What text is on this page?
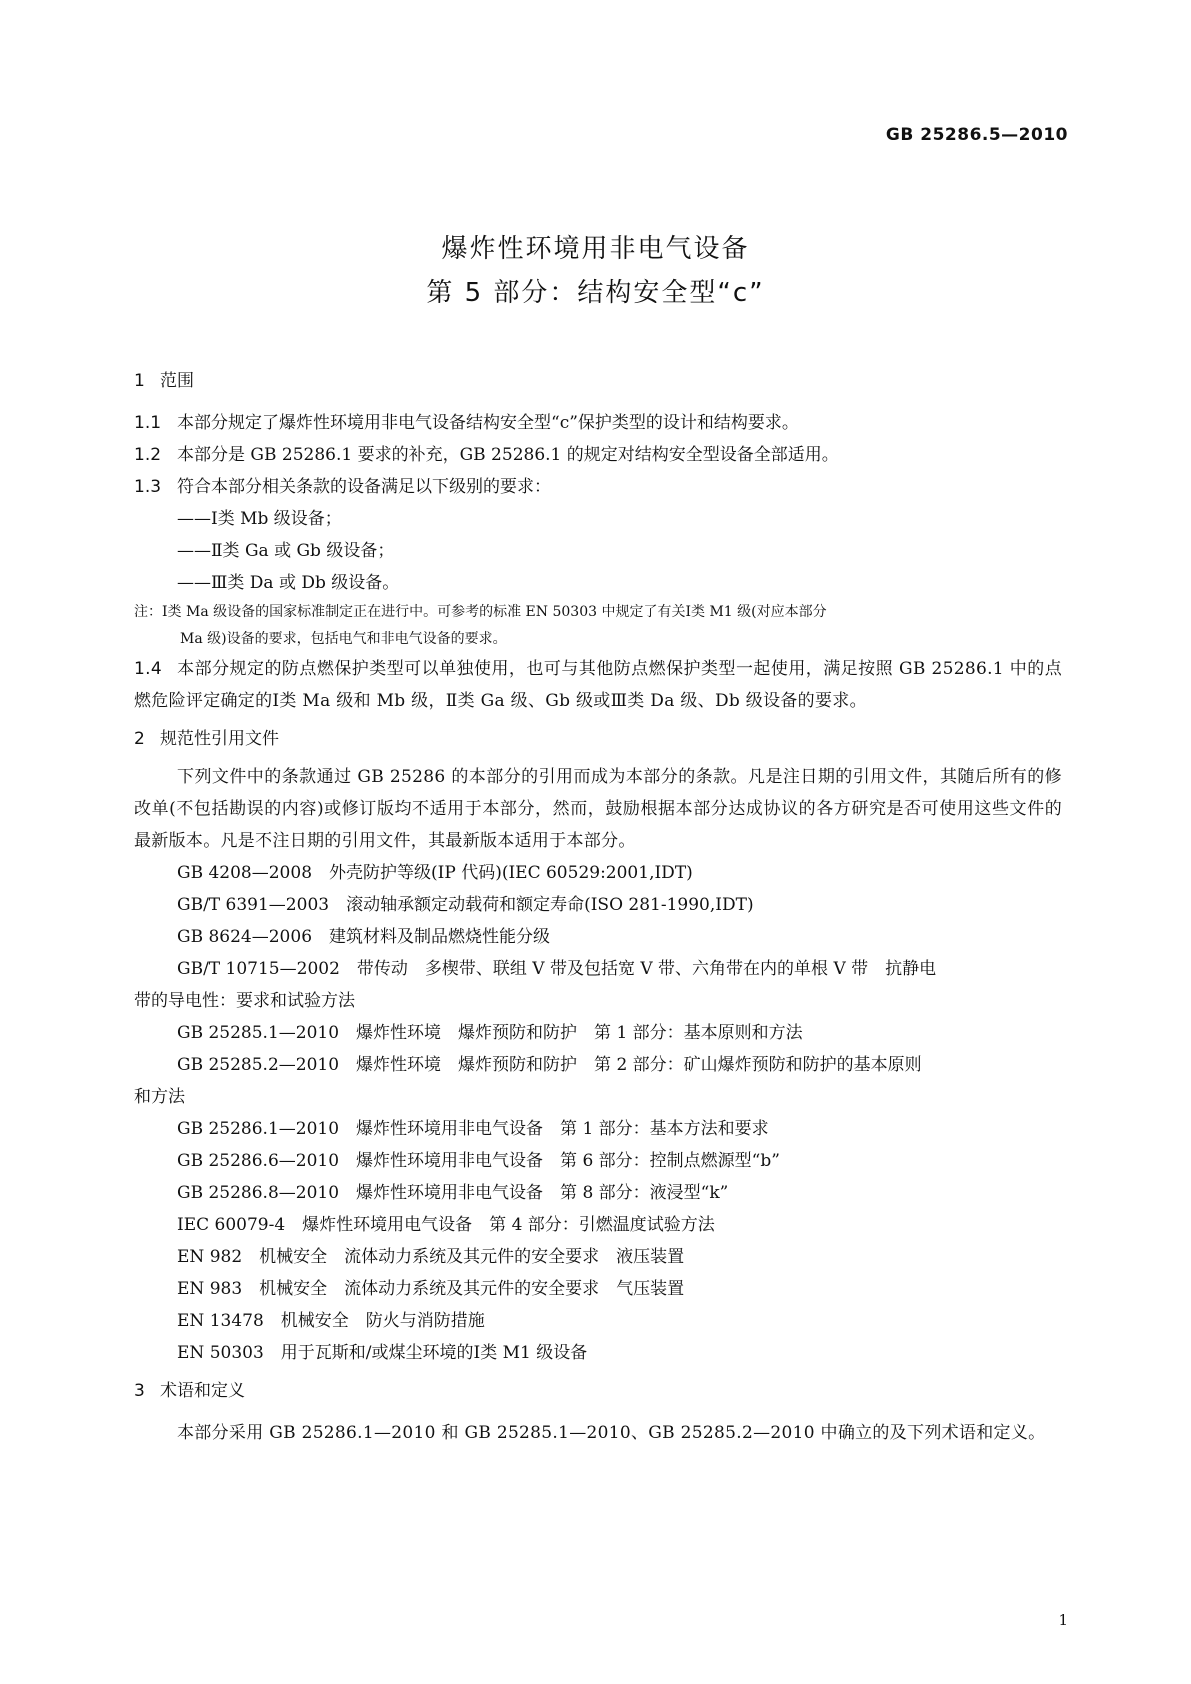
GB 25286.5—2010
爆炸性环境用非电气设备
第 5 部分：结构安全型“c”
1 范围
1.1 本部分规定了爆炸性环境用非电气设备结构安全型“c”保护类型的设计和结构要求。
1.2 本部分是 GB 25286.1 要求的补充，GB 25286.1 的规定对结构安全型设备全部适用。
1.3 符合本部分相关条款的设备满足以下级别的要求：
——Ⅰ类 Mb 级设备；
——Ⅱ类 Ga 或 Gb 级设备；
——Ⅲ类 Da 或 Db 级设备。
注：Ⅰ类 Ma 级设备的国家标准制定正在进行中。可参考的标准 EN 50303 中规定了有关Ⅰ类 M1 级(对应本部分
Ma 级)设备的要求，包括电气和非电气设备的要求。
1.4 本部分规定的防点燃保护类型可以单独使用，也可与其他防点燃保护类型一起使用，满足按照 GB 25286.1 中的点燃危险评定确定的Ⅰ类 Ma 级和 Mb 级，Ⅱ类 Ga 级、Gb 级或Ⅲ类 Da 级、Db 级设备的要求。
2 规范性引用文件
下列文件中的条款通过 GB 25286 的本部分的引用而成为本部分的条款。凡是注日期的引用文件，其随后所有的修改单(不包括勘误的内容)或修订版均不适用于本部分，然而，鼓励根据本部分达成协议的各方研究是否可使用这些文件的最新版本。凡是不注日期的引用文件，其最新版本适用于本部分。
GB 4208—2008　外壳防护等级(IP 代码)(IEC 60529:2001,IDT)
GB/T 6391—2003　滚动轴承额定动载荷和额定寿命(ISO 281-1990,IDT)
GB 8624—2006　建筑材料及制品燃烧性能分级
GB/T 10715—2002　带传动　多楔带、联组 V 带及包括宽 V 带、六角带在内的单根 V 带　抗静电
带的导电性：要求和试验方法
GB 25285.1—2010　爆炸性环境　爆炸预防和防护　第 1 部分：基本原则和方法
GB 25285.2—2010　爆炸性环境　爆炸预防和防护　第 2 部分：矿山爆炸预防和防护的基本原则
和方法
GB 25286.1—2010　爆炸性环境用非电气设备　第 1 部分：基本方法和要求
GB 25286.6—2010　爆炸性环境用非电气设备　第 6 部分：控制点燃源型“b”
GB 25286.8—2010　爆炸性环境用非电气设备　第 8 部分：液浸型“k”
IEC 60079-4　爆炸性环境用电气设备　第 4 部分：引燃温度试验方法
EN 982　机械安全　流体动力系统及其元件的安全要求　液压装置
EN 983　机械安全　流体动力系统及其元件的安全要求　气压装置
EN 13478　机械安全　防火与消防措施
EN 50303　用于瓦斯和/或煤尘环境的Ⅰ类 M1 级设备
3 术语和定义
本部分采用 GB 25286.1—2010 和 GB 25285.1—2010、GB 25285.2—2010 中确立的及下列术语和定义。
1
